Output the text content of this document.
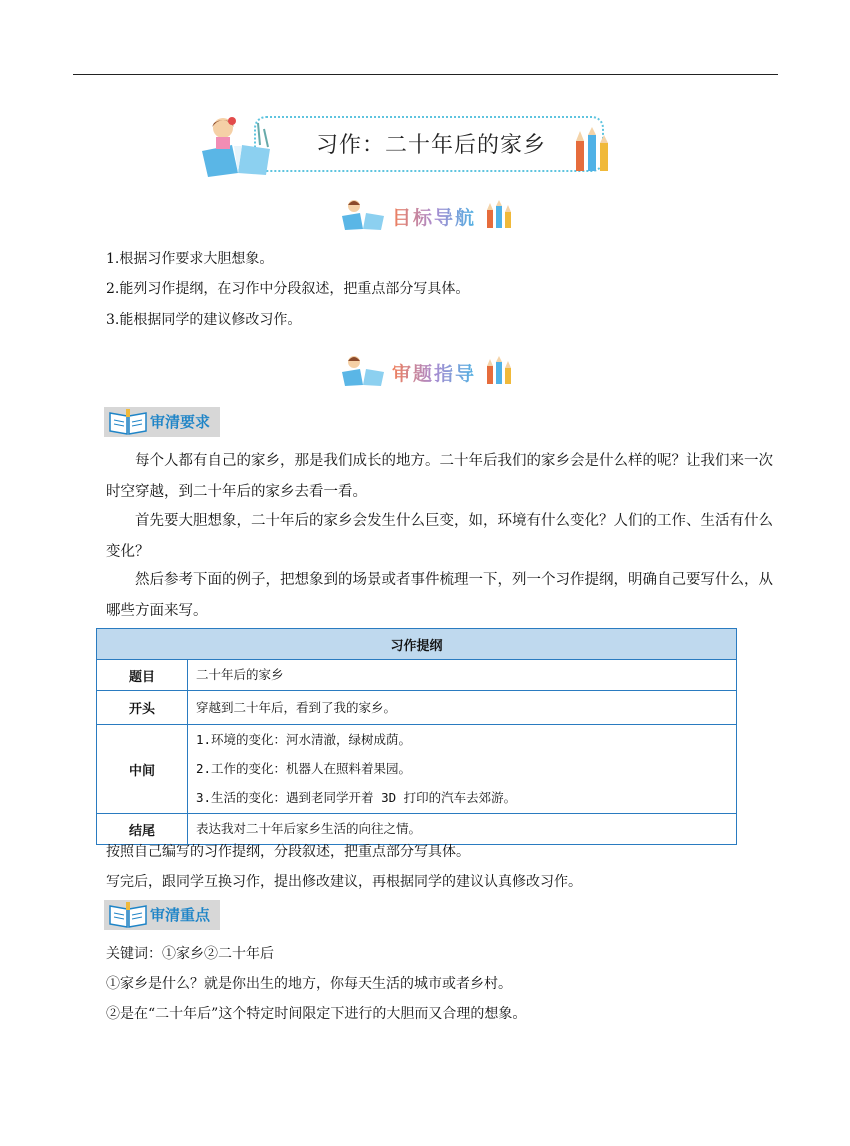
习作：二十年后的家乡
目标导航
1.根据习作要求大胆想象。
2.能列习作提纲，在习作中分段叙述，把重点部分写具体。
3.能根据同学的建议修改习作。
审题指导
审清要求
每个人都有自己的家乡，那是我们成长的地方。二十年后我们的家乡会是什么样的呢？让我们来一次时空穿越，到二十年后的家乡去看一看。
首先要大胆想象，二十年后的家乡会发生什么巨变，如，环境有什么变化？人们的工作、生活有什么变化？
然后参考下面的例子，把想象到的场景或者事件梳理一下，列一个习作提纲，明确自己要写什么，从哪些方面来写。
习作提纲	
题目	二十年后的家乡

开头	穿越到二十年后，看到了我的家乡。

中间	1.环境的变化：河水清澈，绿树成荫。
2.工作的变化：机器人在照料着果园。
3.生活的变化：遇到老同学开着 3D 打印的汽车去郊游。

结尾	表达我对二十年后家乡生活的向往之情。
按照自己编写的习作提纲，分段叙述，把重点部分写具体。
写完后，跟同学互换习作，提出修改建议，再根据同学的建议认真修改习作。
审清重点
关键词：①家乡②二十年后
①家乡是什么？就是你出生的地方，你每天生活的城市或者乡村。
②是在“二十年后”这个特定时间限定下进行的大胆而又合理的想象。
